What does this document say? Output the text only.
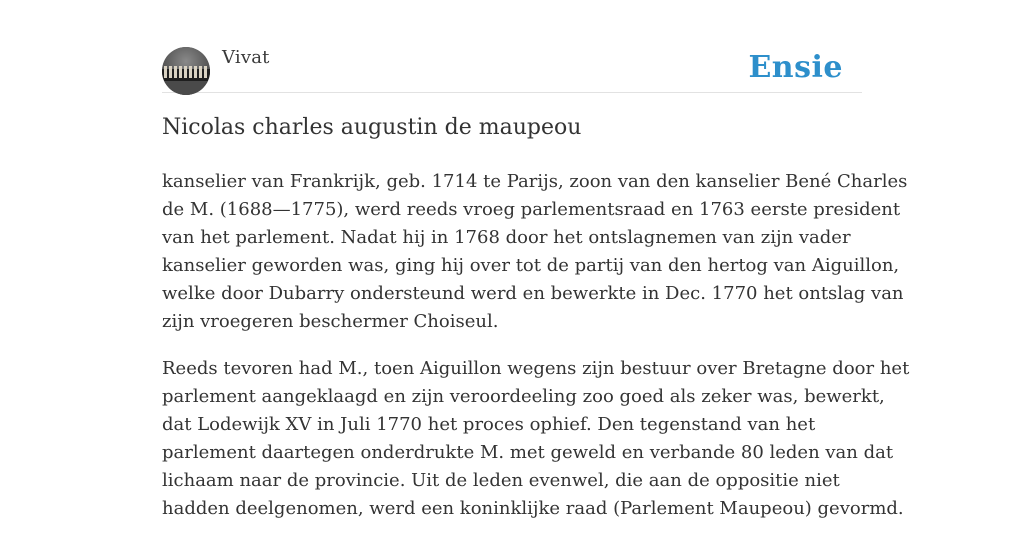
Vivat	Ensie
Nicolas charles augustin de maupeou

kanselier van Frankrijk, geb. 1714 te Parijs, zoon van den kanselier Bené Charles
de M. (1688—1775), werd reeds vroeg parlementsraad en 1763 eerste president
van het parlement. Nadat hij in 1768 door het ontslagnemen van zijn vader
kanselier geworden was, ging hij over tot de partij van den hertog van Aiguillon,
welke door Dubarry ondersteund werd en bewerkte in Dec. 1770 het ontslag van
zijn vroegeren beschermer Choiseul.

Reeds tevoren had M., toen Aiguillon wegens zijn bestuur over Bretagne door het
parlement aangeklaagd en zijn veroordeeling zoo goed als zeker was, bewerkt,
dat Lodewijk XV in Juli 1770 het proces ophief. Den tegenstand van het
parlement daartegen onderdrukte M. met geweld en verbande 80 leden van dat
lichaam naar de provincie. Uit de leden evenwel, die aan de oppositie niet
hadden deelgenomen, werd een koninklijke raad (Parlement Maupeou) gevormd.
